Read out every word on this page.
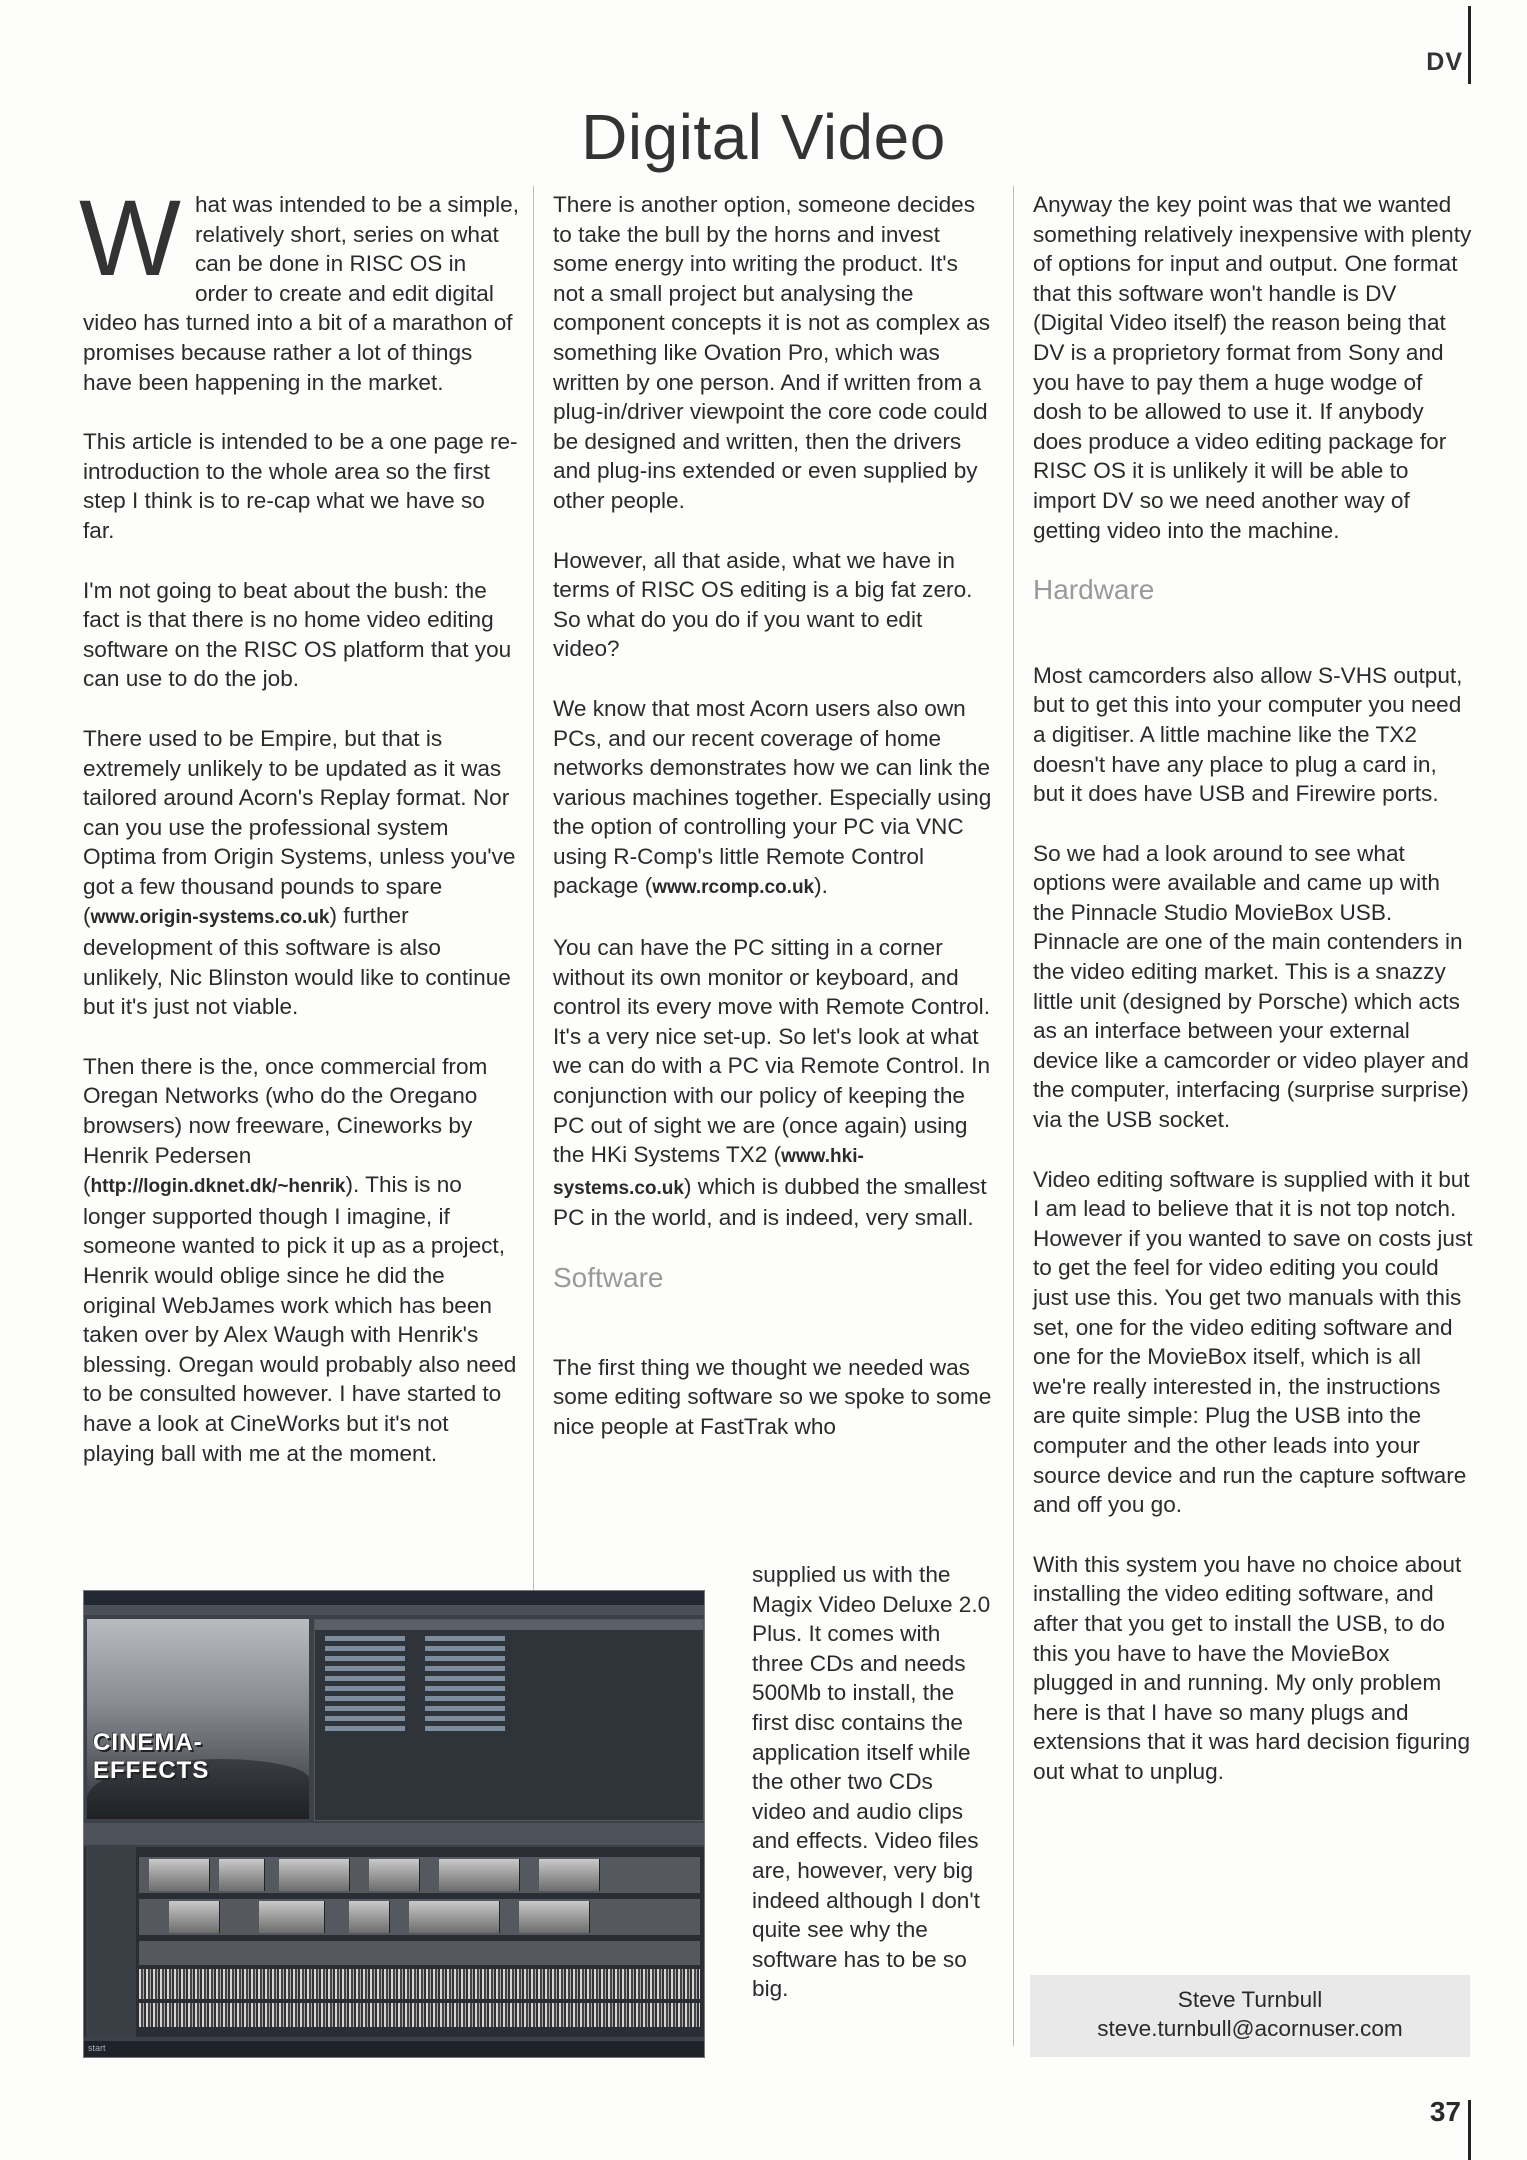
DV
Digital Video

What was intended to be a simple, relatively short, series on what can be done in RISC OS in order to create and edit digital video has turned into a bit of a marathon of promises because rather a lot of things have been happening in the market.

This article is intended to be a one page re-introduction to the whole area so the first step I think is to re-cap what we have so far.

I'm not going to beat about the bush: the fact is that there is no home video editing software on the RISC OS platform that you can use to do the job.

There used to be Empire, but that is extremely unlikely to be updated as it was tailored around Acorn's Replay format. Nor can you use the professional system Optima from Origin Systems, unless you've got a few thousand pounds to spare (www.origin-systems.co.uk) further development of this software is also unlikely, Nic Blinston would like to continue but it's just not viable.

Then there is the, once commercial from Oregan Networks (who do the Oregano browsers) now freeware, Cineworks by Henrik Pedersen (http://login.dknet.dk/~henrik). This is no longer supported though I imagine, if someone wanted to pick it up as a project, Henrik would oblige since he did the original WebJames work which has been taken over by Alex Waugh with Henrik's blessing. Oregan would probably also need to be consulted however. I have started to have a look at CineWorks but it's not playing ball with me at the moment.

There is another option, someone decides to take the bull by the horns and invest some energy into writing the product. It's not a small project but analysing the component concepts it is not as complex as something like Ovation Pro, which was written by one person. And if written from a plug-in/driver viewpoint the core code could be designed and written, then the drivers and plug-ins extended or even supplied by other people.

However, all that aside, what we have in terms of RISC OS editing is a big fat zero. So what do you do if you want to edit video?

We know that most Acorn users also own PCs, and our recent coverage of home networks demonstrates how we can link the various machines together. Especially using the option of controlling your PC via VNC using R-Comp's little Remote Control package (www.rcomp.co.uk).

You can have the PC sitting in a corner without its own monitor or keyboard, and control its every move with Remote Control. It's a very nice set-up. So let's look at what we can do with a PC via Remote Control. In conjunction with our policy of keeping the PC out of sight we are (once again) using the HKi Systems TX2 (www.hki-systems.co.uk) which is dubbed the smallest PC in the world, and is indeed, very small.

Software

The first thing we thought we needed was some editing software so we spoke to some nice people at FastTrak who

Anyway the key point was that we wanted something relatively inexpensive with plenty of options for input and output. One format that this software won't handle is DV (Digital Video itself) the reason being that DV is a proprietory format from Sony and you have to pay them a huge wodge of dosh to be allowed to use it. If anybody does produce a video editing package for RISC OS it is unlikely it will be able to import DV so we need another way of getting video into the machine.

Hardware

Most camcorders also allow S-VHS output, but to get this into your computer you need a digitiser. A little machine like the TX2 doesn't have any place to plug a card in, but it does have USB and Firewire ports.

So we had a look around to see what options were available and came up with the Pinnacle Studio MovieBox USB. Pinnacle are one of the main contenders in the video editing market. This is a snazzy little unit (designed by Porsche) which acts as an interface between your external device like a camcorder or video player and the computer, interfacing (surprise surprise) via the USB socket.

Video editing software is supplied with it but I am lead to believe that it is not top notch. However if you wanted to save on costs just to get the feel for video editing you could just use this. You get two manuals with this set, one for the video editing software and one for the MovieBox itself, which is all we're really interested in, the instructions are quite simple: Plug the USB into the computer and the other leads into your source device and run the capture software and off you go.

With this system you have no choice about installing the video editing software, and after that you get to install the USB, to do this you have to have the MovieBox plugged in and running. My only problem here is that I have so many plugs and extensions that it was hard decision figuring out what to unplug.

CINEMA-EFFECTS
start
supplied us with the Magix Video Deluxe 2.0 Plus. It comes with three CDs and needs 500Mb to install, the first disc contains the application itself while the other two CDs video and audio clips and effects. Video files are, however, very big indeed although I don't quite see why the software has to be so big.	Steve Turnbull
steve.turnbull@acornuser.com
37
